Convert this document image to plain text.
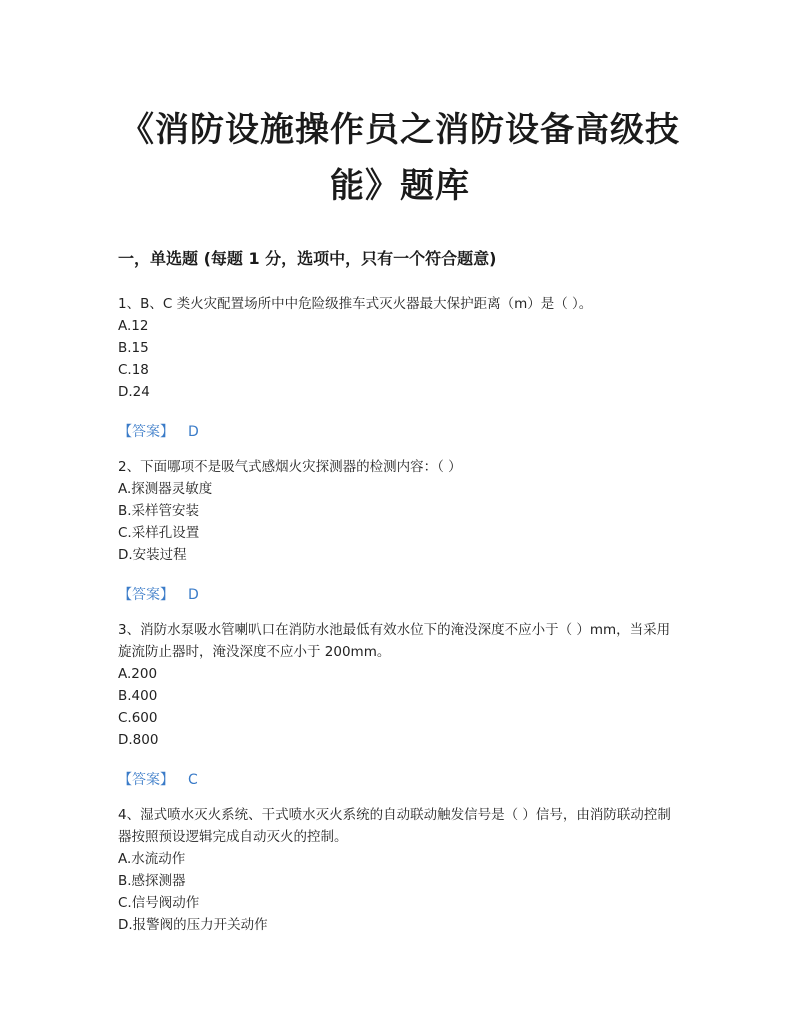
《消防设施操作员之消防设备高级技
能》题库
一，单选题 (每题 1 分，选项中，只有一个符合题意)

1、B、C 类火灾配置场所中中危险级推车式灭火器最大保护距离（m）是（ ）。

A.12

B.15

C.18

D.24

【答案】 D

2、下面哪项不是吸气式感烟火灾探测器的检测内容：（ ）

A.探测器灵敏度

B.采样管安装

C.采样孔设置

D.安装过程

【答案】 D

3、消防水泵吸水管喇叭口在消防水池最低有效水位下的淹没深度不应小于（ ）mm，当采用旋流防止器时，淹没深度不应小于 200mm。

A.200

B.400

C.600

D.800

【答案】 C

4、湿式喷水灭火系统、干式喷水灭火系统的自动联动触发信号是（ ）信号，由消防联动控制器按照预设逻辑完成自动灭火的控制。

A.水流动作

B.感探测器

C.信号阀动作

D.报警阀的压力开关动作
